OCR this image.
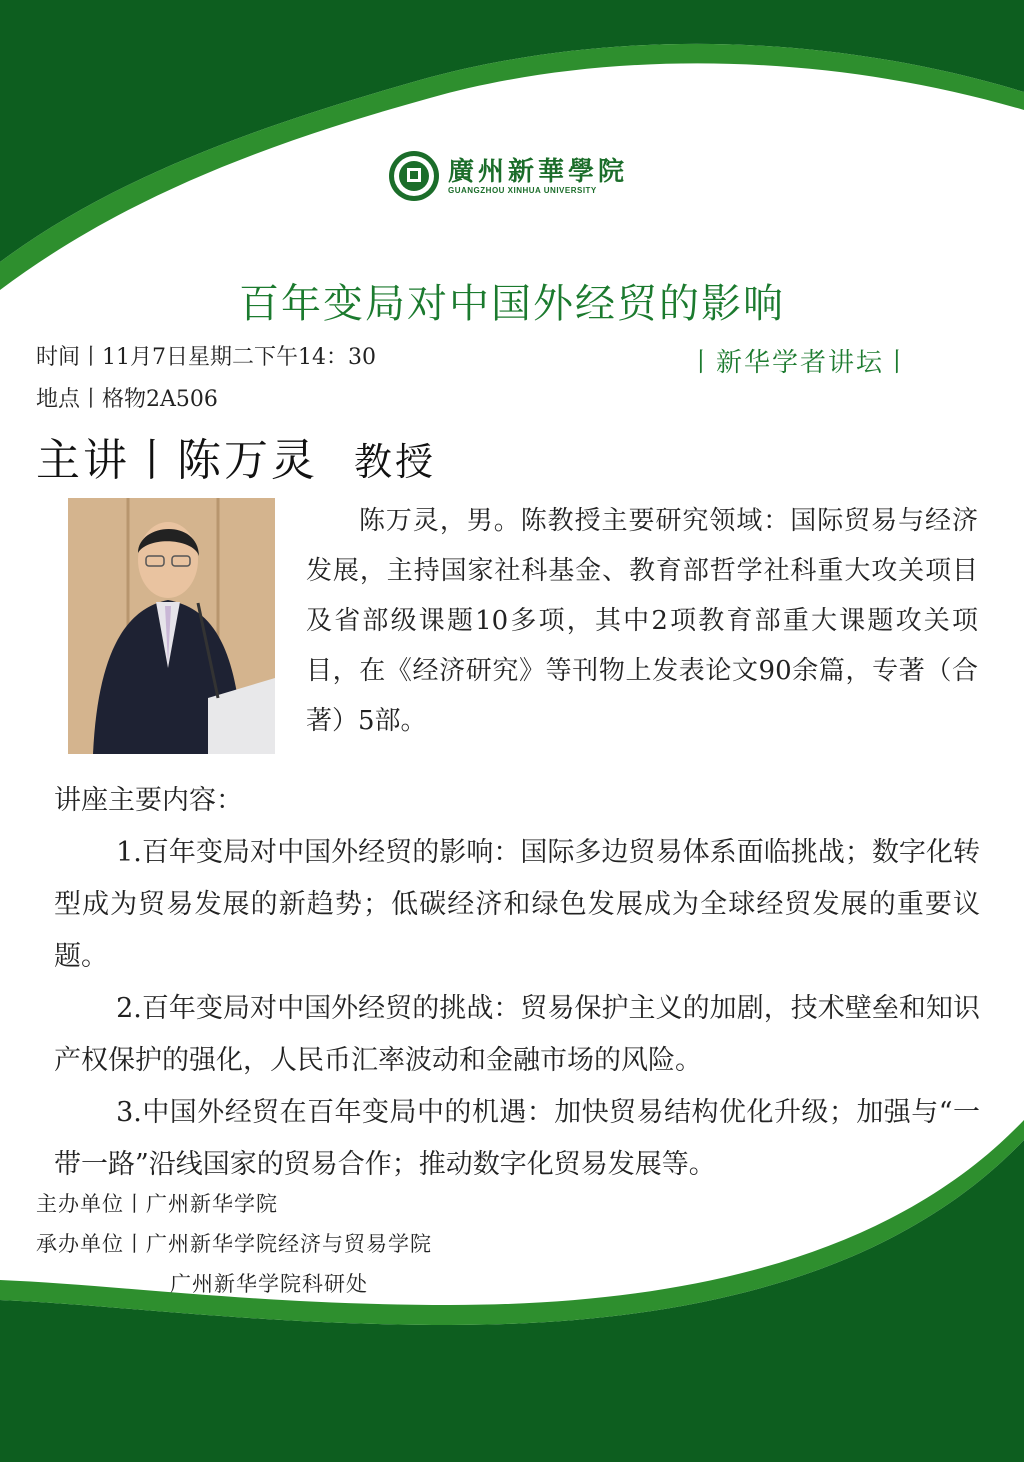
廣州新華學院
GUANGZHOU XINHUA UNIVERSITY
百年变局对中国外经贸的影响
时间丨11月7日星期二下午14：30
地点丨格物2A506
丨新华学者讲坛丨
主讲丨陈万灵 教授
陈万灵，男。陈教授主要研究领域：国际贸易与经济发展，主持国家社科基金、教育部哲学社科重大攻关项目及省部级课题10多项，其中2项教育部重大课题攻关项目，在《经济研究》等刊物上发表论文90余篇，专著（合著）5部。

讲座主要内容：

1.百年变局对中国外经贸的影响：国际多边贸易体系面临挑战；数字化转型成为贸易发展的新趋势；低碳经济和绿色发展成为全球经贸发展的重要议题。

2.百年变局对中国外经贸的挑战：贸易保护主义的加剧，技术壁垒和知识产权保护的强化，人民币汇率波动和金融市场的风险。

3.中国外经贸在百年变局中的机遇：加快贸易结构优化升级；加强与“一带一路”沿线国家的贸易合作；推动数字化贸易发展等。

主办单位丨广州新华学院
承办单位丨广州新华学院经济与贸易学院
广州新华学院科研处
